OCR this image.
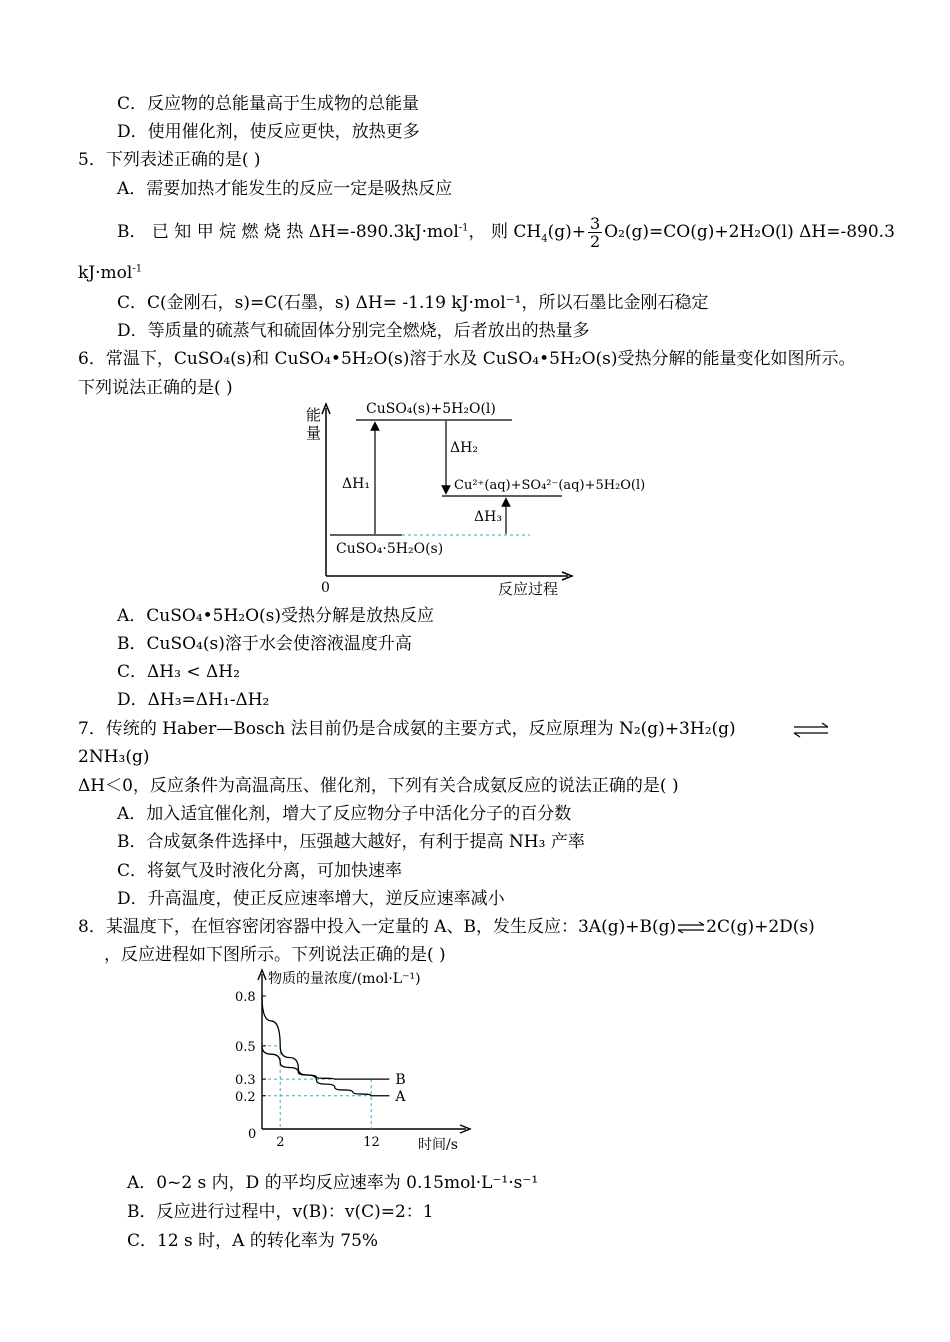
C．反应物的总能量高于生成物的总能量
D．使用催化剂，使反应更快，放热更多
5．下列表述正确的是( )
A．需要加热才能发生的反应一定是吸热反应
B． 已 知 甲 烷 燃 烧 热 ΔH=-890.3kJ·mol$^{-1}$， 则 $CH_4(g)+ \frac{3}{2} O_2(g)=CO(g)+2H_2O(l)$ ΔH=-890.3
kJ·mol$^{-1}$
C．C(金刚石，s)=C(石墨，s) ΔH= -1.19 kJ·mol⁻¹，所以石墨比金刚石稳定
D．等质量的硫蒸气和硫固体分别完全燃烧，后者放出的热量多
6．常温下，CuSO₄(s)和 CuSO₄•5H₂O(s)溶于水及 CuSO₄•5H₂O(s)受热分解的能量变化如图所示。
下列说法正确的是( )
能
量
0	反应过程
CuSO₄(s)+5H₂O(l)
Cu²⁺(aq)+SO₄²⁻(aq)+5H₂O(l)
CuSO₄·5H₂O(s)
ΔH₁
ΔH₂
ΔH₃
A．CuSO₄•5H₂O(s)受热分解是放热反应
B．CuSO₄(s)溶于水会使溶液温度升高
C．ΔH₃ < ΔH₂
D．ΔH₃=ΔH₁-ΔH₂
7．传统的 Haber—Bosch 法目前仍是合成氨的主要方式，反应原理为 N₂(g)+3H₂(g)
2NH₃(g)
ΔH＜0，反应条件为高温高压、催化剂，下列有关合成氨反应的说法正确的是( )
A．加入适宜催化剂，增大了反应物分子中活化分子的百分数
B．合成氨条件选择中，压强越大越好，有利于提高 NH₃ 产率
C．将氨气及时液化分离，可加快速率
D．升高温度，使正反应速率增大，逆反应速率减小
8．某温度下，在恒容密闭容器中投入一定量的 A、B，发生反应：3A(g)+B(g)⇌2C(g)+2D(s)
，反应进程如下图所示。下列说法正确的是( )
物质的量浓度/(mol·L⁻¹)
时间/s
0
0.8
0.5
0.3
0.2
2	12
A
B
A．0~2 s 内，D 的平均反应速率为 0.15mol·L⁻¹·s⁻¹
B．反应进行过程中，v(B)：v(C)=2：1
C．12 s 时，A 的转化率为 75%
